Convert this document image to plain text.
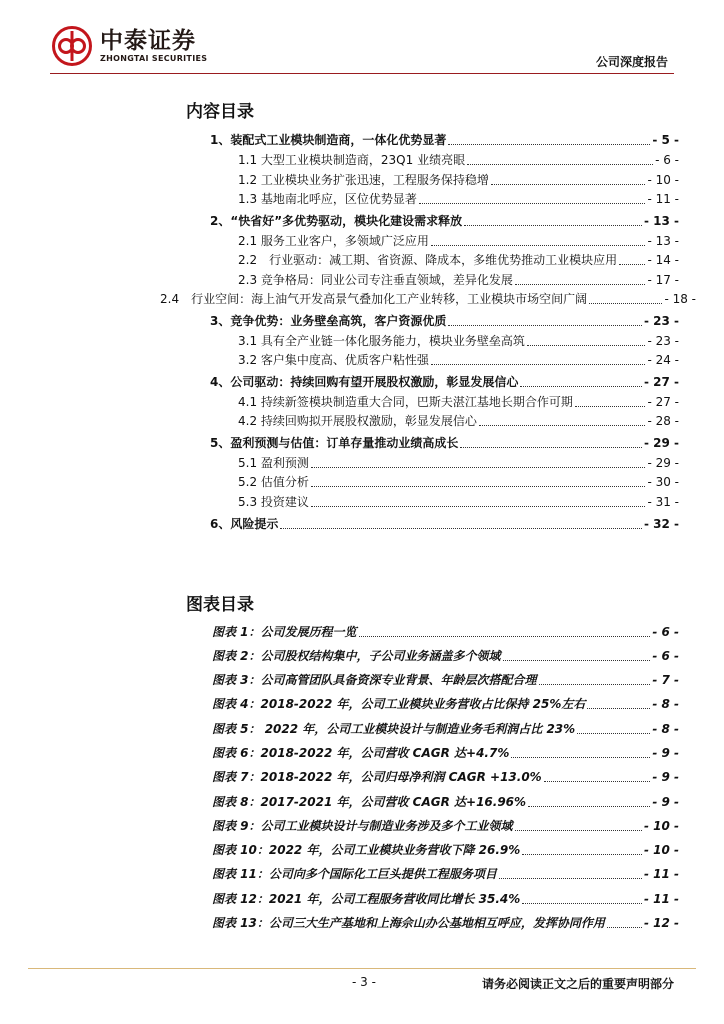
中泰证券
ZHONGTAI SECURITIES	公司深度报告
内容目录
1、装配式工业模块制造商，一体化优势显著	- 5 -
1.1 大型工业模块制造商，23Q1 业绩亮眼	- 6 -
1.2 工业模块业务扩张迅速，工程服务保持稳增	- 10 -
1.3 基地南北呼应，区位优势显著	- 11 -
2、“快省好”多优势驱动，模块化建设需求释放	- 13 -
2.1 服务工业客户，多领域广泛应用	- 13 -
2.2　行业驱动：减工期、省资源、降成本，多维优势推动工业模块应用	- 14 -
2.3 竞争格局：同业公司专注垂直领域，差异化发展	- 17 -
2.4　行业空间：海上油气开发高景气叠加化工产业转移，工业模块市场空间广阔	- 18 -
3、竞争优势：业务壁垒高筑，客户资源优质	- 23 -
3.1 具有全产业链一体化服务能力，模块业务壁垒高筑	- 23 -
3.2 客户集中度高、优质客户粘性强	- 24 -
4、公司驱动：持续回购有望开展股权激励，彰显发展信心	- 27 -
4.1 持续新签模块制造重大合同，巴斯夫湛江基地长期合作可期	- 27 -
4.2 持续回购拟开展股权激励，彰显发展信心	- 28 -
5、盈利预测与估值：订单存量推动业绩高成长	- 29 -
5.1 盈利预测	- 29 -
5.2 估值分析	- 30 -
5.3 投资建议	- 31 -
6、风险提示	- 32 -
图表目录
图表 1：公司发展历程一览	- 6 -
图表 2：公司股权结构集中，子公司业务涵盖多个领域	- 6 -
图表 3：公司高管团队具备资深专业背景、年龄层次搭配合理	- 7 -
图表 4：2018-2022 年，公司工业模块业务营收占比保持 25%左右	- 8 -
图表 5： 2022 年，公司工业模块设计与制造业务毛利润占比 23%	- 8 -
图表 6：2018-2022 年，公司营收 CAGR 达+4.7%	- 9 -
图表 7：2018-2022 年，公司归母净利润 CAGR +13.0%	- 9 -
图表 8：2017-2021 年，公司营收 CAGR 达+16.96%	- 9 -
图表 9：公司工业模块设计与制造业务涉及多个工业领域	- 10 -
图表 10：2022 年，公司工业模块业务营收下降 26.9%	- 10 -
图表 11：公司向多个国际化工巨头提供工程服务项目	- 11 -
图表 12：2021 年，公司工程服务营收同比增长 35.4%	- 11 -
图表 13：公司三大生产基地和上海佘山办公基地相互呼应，发挥协同作用	- 12 -
- 3 -	请务必阅读正文之后的重要声明部分
